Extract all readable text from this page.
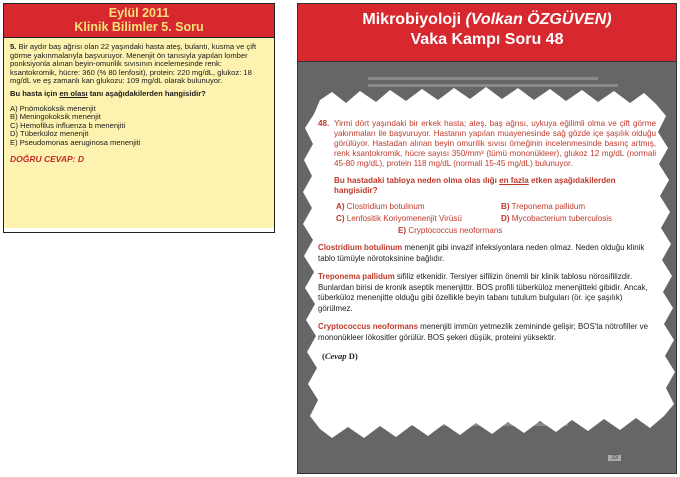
Eylül 2011
Klinik Bilimler 5. Soru

5. Bir aydır baş ağrısı olan 22 yaşındaki hasta ateş, bulantı, kusma ve çift görme yakınmalarıyla başvuruyor. Menenjit ön tanısıyla yapılan lomber ponksiyonla alınan beyin-omurilik sıvısının incelemesinde renk: ksantokromik, hücre: 360 (% 80 lenfosit), protein: 220 mg/dL, glukoz: 18 mg/dL ve eş zamanlı kan glukozu: 109 mg/dL olarak bulunuyor.

Bu hasta için en olası tanı aşağıdakilerden hangisidir?

A) Pnömokoksik menenjit

B) Meningokoksik menenjit

C) Hemofilus influenza b menenjiti

D) Tüberküloz menenjit

E) Pseudomonas aeruginosa menenjiti

DOĞRU CEVAP: D
Mikrobiyoloji (Volkan ÖZGÜVEN)
Vaka Kampı Soru 48
48. Yirmi dört yaşındaki bir erkek hasta; ateş, baş ağrısı, uykuya eğilimli olma ve çift görme yakınmaları ile başvuruyor. Hastanın yapılan muayenesinde sağ gözde içe şaşılık olduğu görülüyor. Hastadan alınan beyin omurilik sıvısı örneğinin incelenmesinde basınç artmış, renk ksantokromik, hücre sayısı 350/mm³ (tümü mononükleer), glukoz 12 mg/dL (normali 45-80 mg/dL), protein 118 mg/dL (normali 15-45 mg/dL) bulunuyor.

Bu hastadaki tabloya neden olma olas ılığı en fazla etken aşağıdakilerden hangisidir?

A) Clostridium botulinum	B) Treponema pallidum
C) Lenfositik Koriyomenenjit Virüsü	D) Mycobacterium tuberculosis
E) Cryptococcus neoformans

Clostridium botulinum menenjit gibi invazif infeksiyonlara neden olmaz. Neden olduğu klinik tablo tümüyle nörotoksinine bağlıdır.

Treponema pallidum sifiliz etkenidir. Tersiyer sifilizin önemli bir klinik tablosu nörosifilizdir. Bunlardan birisi de kronik aseptik menenjittir. BOS profili tüberküloz menenjitteki gibidir. Ancak, tüberküloz menenjitte olduğu gibi özellikle beyin tabanı tutulum bulguları (ör. içe şaşılık) görülmez.

Cryptococcus neoformans menenjiti immün yetmezlik zemininde gelişir; BOS'ta nötrofiller ve mononükleer lökositler görülür. BOS şekeri düşük, proteini yüksektir.

(Cevap D)

33
